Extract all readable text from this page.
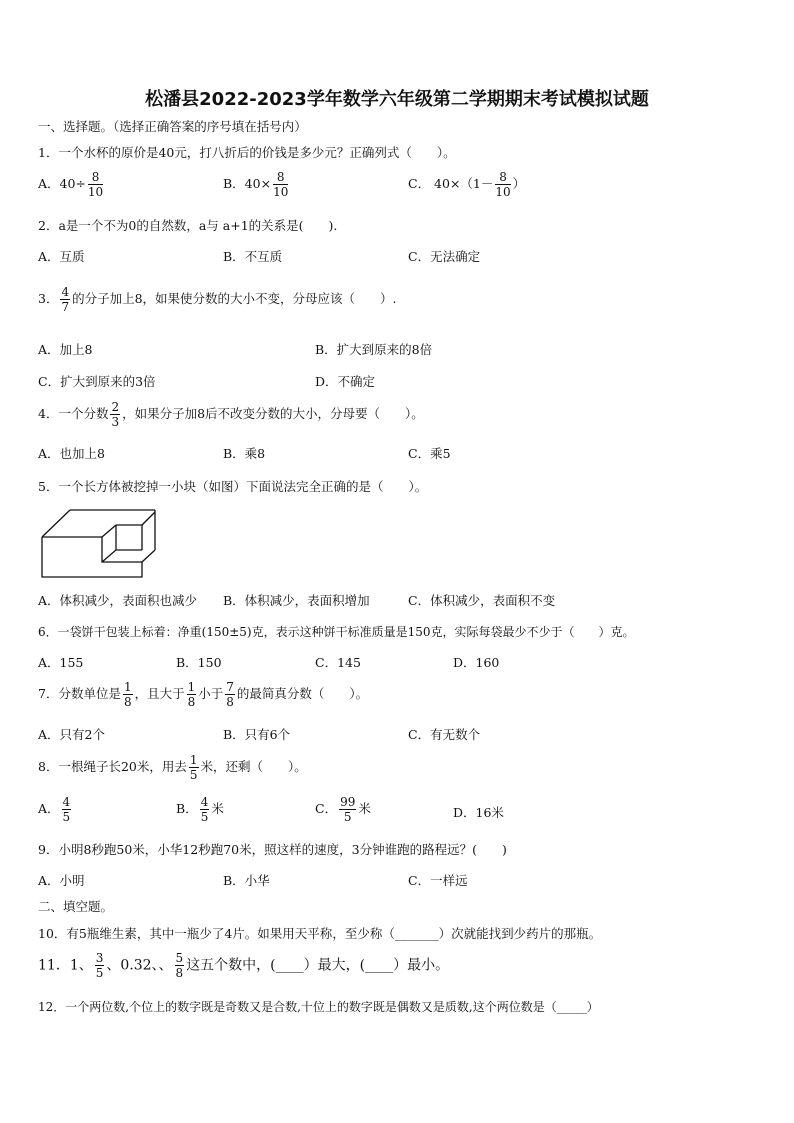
松潘县2022-2023学年数学六年级第二学期期末考试模拟试题
一、选择题。（选择正确答案的序号填在括号内）
1．一个水杯的原价是40元，打八折后的价钱是多少元？正确列式（　　）。
A．$40\div \frac{8}{10}$	B．$40\times \frac{8}{10}$	C． $40\times(1- \frac{8}{10}$ ）
2．a是一个不为0的自然数，a与 a+1的关系是(　　).
A．互质	B．不互质	C．无法确定
3． $\frac{4}{7}$ 的分子加上8，如果使分数的大小不变，分母应该（　　）.
A．加上8	B．扩大到原来的8倍
C．扩大到原来的3倍	D．不确定
4．一个分数 $\frac{2}{3}$ ，如果分子加8后不改变分数的大小，分母要（　　）。
A．也加上8	B．乘8	C．乘5
5．一个长方体被挖掉一小块（如图）下面说法完全正确的是（　　）。
A．体积减少，表面积也减少 B．体积减少，表面积增加	C．体积减少，表面积不变
6．一袋饼干包装上标着：净重(150±5)克，表示这种饼干标准质量是150克，实际每袋最少不少于（　　）克。
A．155	B．150	C．145	D．160
7．分数单位是 $\frac{1}{8}$ ，且大于 $\frac{1}{8}$ 小于 $\frac{7}{8}$ 的最简真分数（　　）。
A．只有2个	B．只有6个	C．有无数个
8．一根绳子长20米，用去 $\frac{1}{5}$ 米，还剩（　　）。
A． $\frac{4}{5}$	B． $\frac{4}{5}$ 米	C． $\frac{99}{5}$ 米	D．16米
9．小明8秒跑50米，小华12秒跑70米，照这样的速度，3分钟谁跑的路程远？(　　)
A．小明	B．小华	C．一样远
二、填空题。
10．有5瓶维生素，其中一瓶少了4片。如果用天平称，至少称（_______）次就能找到少药片的那瓶。
11．1、 $\frac{3}{5}$ 、0.32、、 $\frac{5}{8}$ 这五个数中，(____）最大，(____）最小。
12．一个两位数,个位上的数字既是奇数又是合数,十位上的数字既是偶数又是质数,这个两位数是（_____）
